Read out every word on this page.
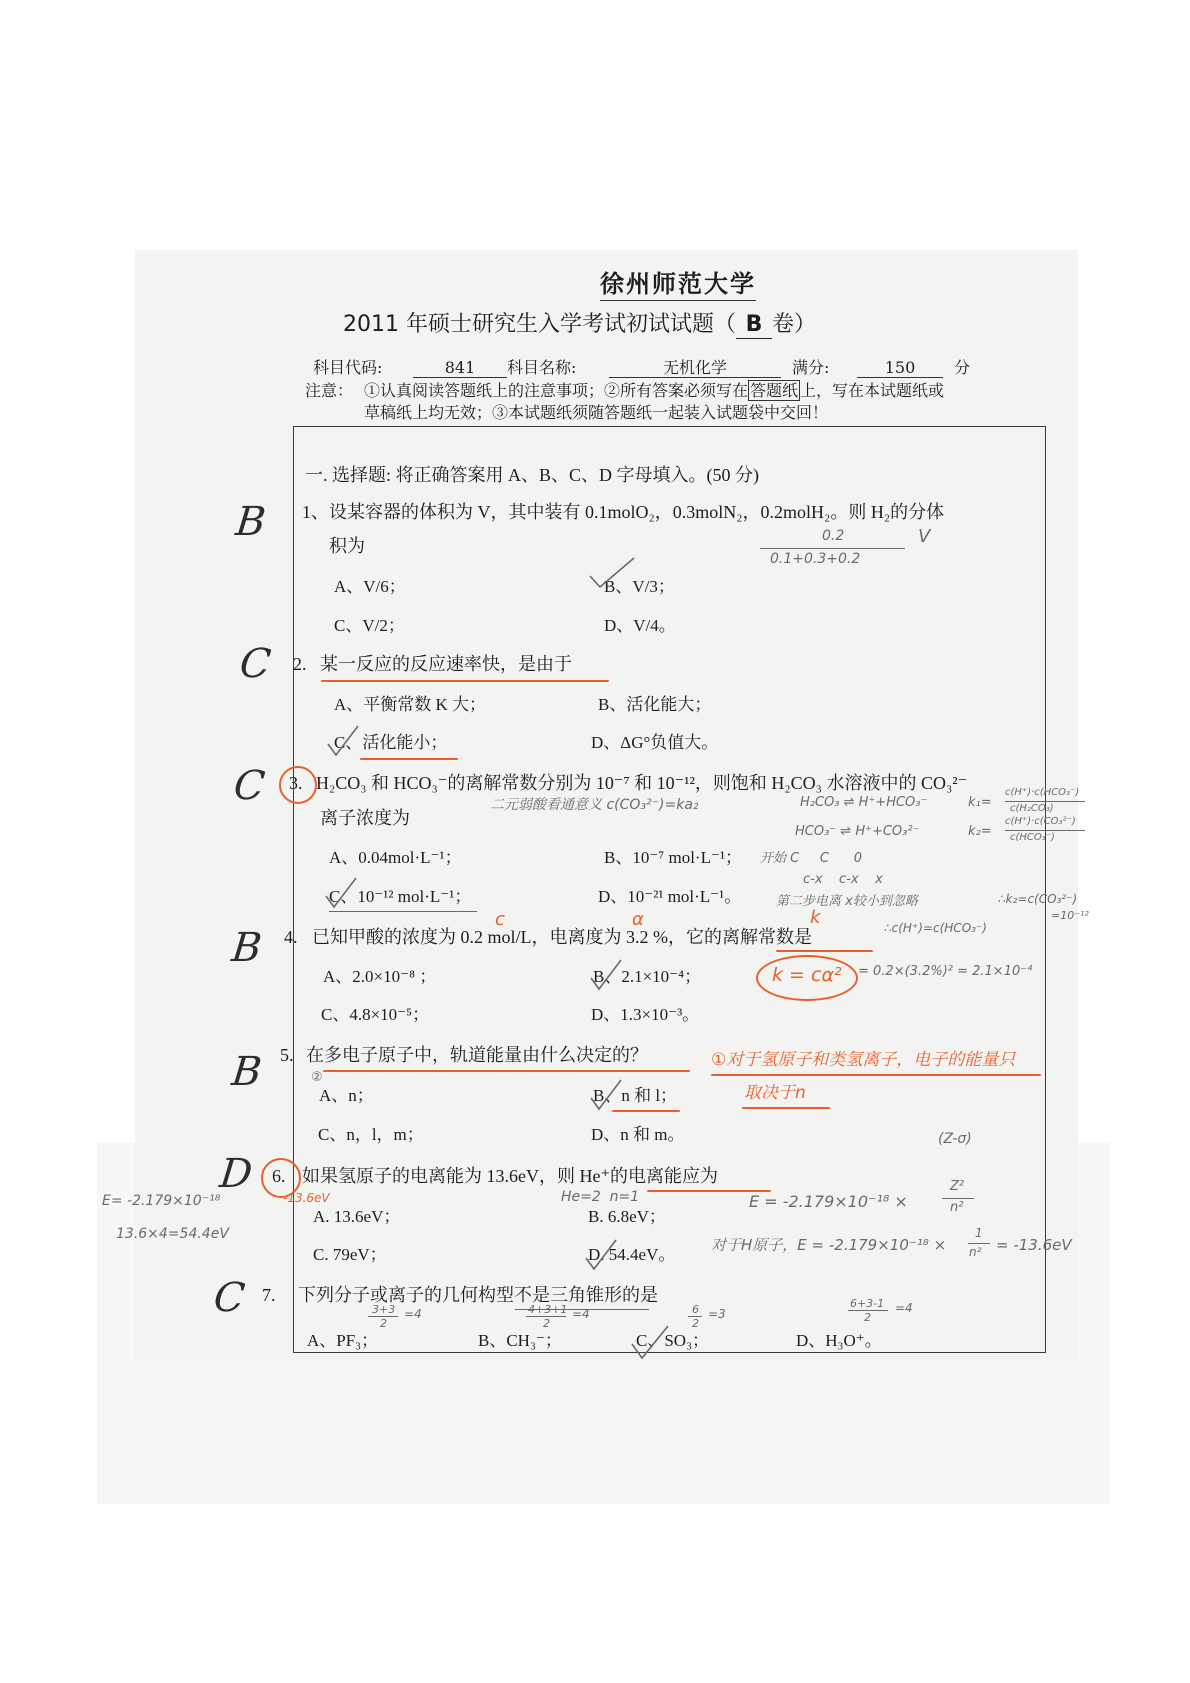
徐州师范大学
2011 年硕士研究生入学考试初试试题（ B 卷）
科目代码:	841	科目名称:	无机化学	满分:	150	分
注意： ①认真阅读答题纸上的注意事项；②所有答案必须写在 答题纸 上，写在本试题纸或
草稿纸上均无效；③本试题纸须随答题纸一起装入试题袋中交回！
一. 选择题: 将正确答案用 A、B、C、D 字母填入。(50 分)
1、 设某容器的体积为 V，其中装有 0.1molO₂，0.3molN₂，0.2molH₂。则 H₂的分体
积为
A、V/6；	B、V/3；
C、V/2；	D、V/4。
2. 某一反应的反应速率快，是由于
A、平衡常数 K 大；	B、活化能大；
C、活化能小；	D、ΔG°负值大。
3. H₂CO₃ 和 HCO₃⁻的离解常数分别为 10⁻⁷ 和 10⁻¹²，则饱和 H₂CO₃ 水溶液中的 CO₃²⁻
离子浓度为
A、0.04mol·L⁻¹；	B、10⁻⁷ mol·L⁻¹；
C、10⁻¹² mol·L⁻¹；	D、10⁻²¹ mol·L⁻¹。
4. 已知甲酸的浓度为 0.2 mol/L，电离度为 3.2 %，它的离解常数是
A、2.0×10⁻⁸ ；	B、2.1×10⁻⁴；
C、4.8×10⁻⁵；	D、1.3×10⁻³。
5. 在多电子原子中，轨道能量由什么决定的？
A、n；	B、n 和 l；
C、n，l，m；	D、n 和 m。
6. 如果氢原子的电离能为 13.6eV，则 He⁺的电离能应为
A. 13.6eV；	B. 6.8eV；
C. 79eV；	D. 54.4eV。
7. 下列分子或离子的几何构型不是三角锥形的是
A、PF₃；	B、CH₃⁻；	C、SO₃；	D、H₃O⁺。
B
C
C
B
B
D
C
0.2
0.1+0.3+0.2
V
二元弱酸看通意义 c(CO₃²⁻)=ka₂	H₂CO₃ ⇌ H⁺+HCO₃⁻	k₁=
c(H⁺)·c(HCO₃⁻)
c(H₂CO₃)
HCO₃⁻ ⇌ H⁺+CO₃²⁻	k₂=
c(H⁺)·c(CO₃²⁻)
c(HCO₃⁻)
开始 C     C      0
c-x    c-x    x
第二步电离 x较小到忽略	∴k₂=c(CO₃²⁻)
=10⁻¹²
∴c(H⁺)=c(HCO₃⁻)
c	α	k
k = cα² = 0.2×(3.2%)² = 2.1×10⁻⁴
②
①对于氢原子和类氢离子，电子的能量只
取决于n
E= -2.179×10⁻¹⁸
13.6×4=54.4eV
-13.6eV	He=2  n=1
(Z-σ)
E = -2.179×10⁻¹⁸ ×
Z²
n²
对于H原子，E = -2.179×10⁻¹⁸ ×
1
n² = -13.6eV
3+3
2
=4	4+3+1
2
=4	6
2
=3
6+3-1
2
=4
